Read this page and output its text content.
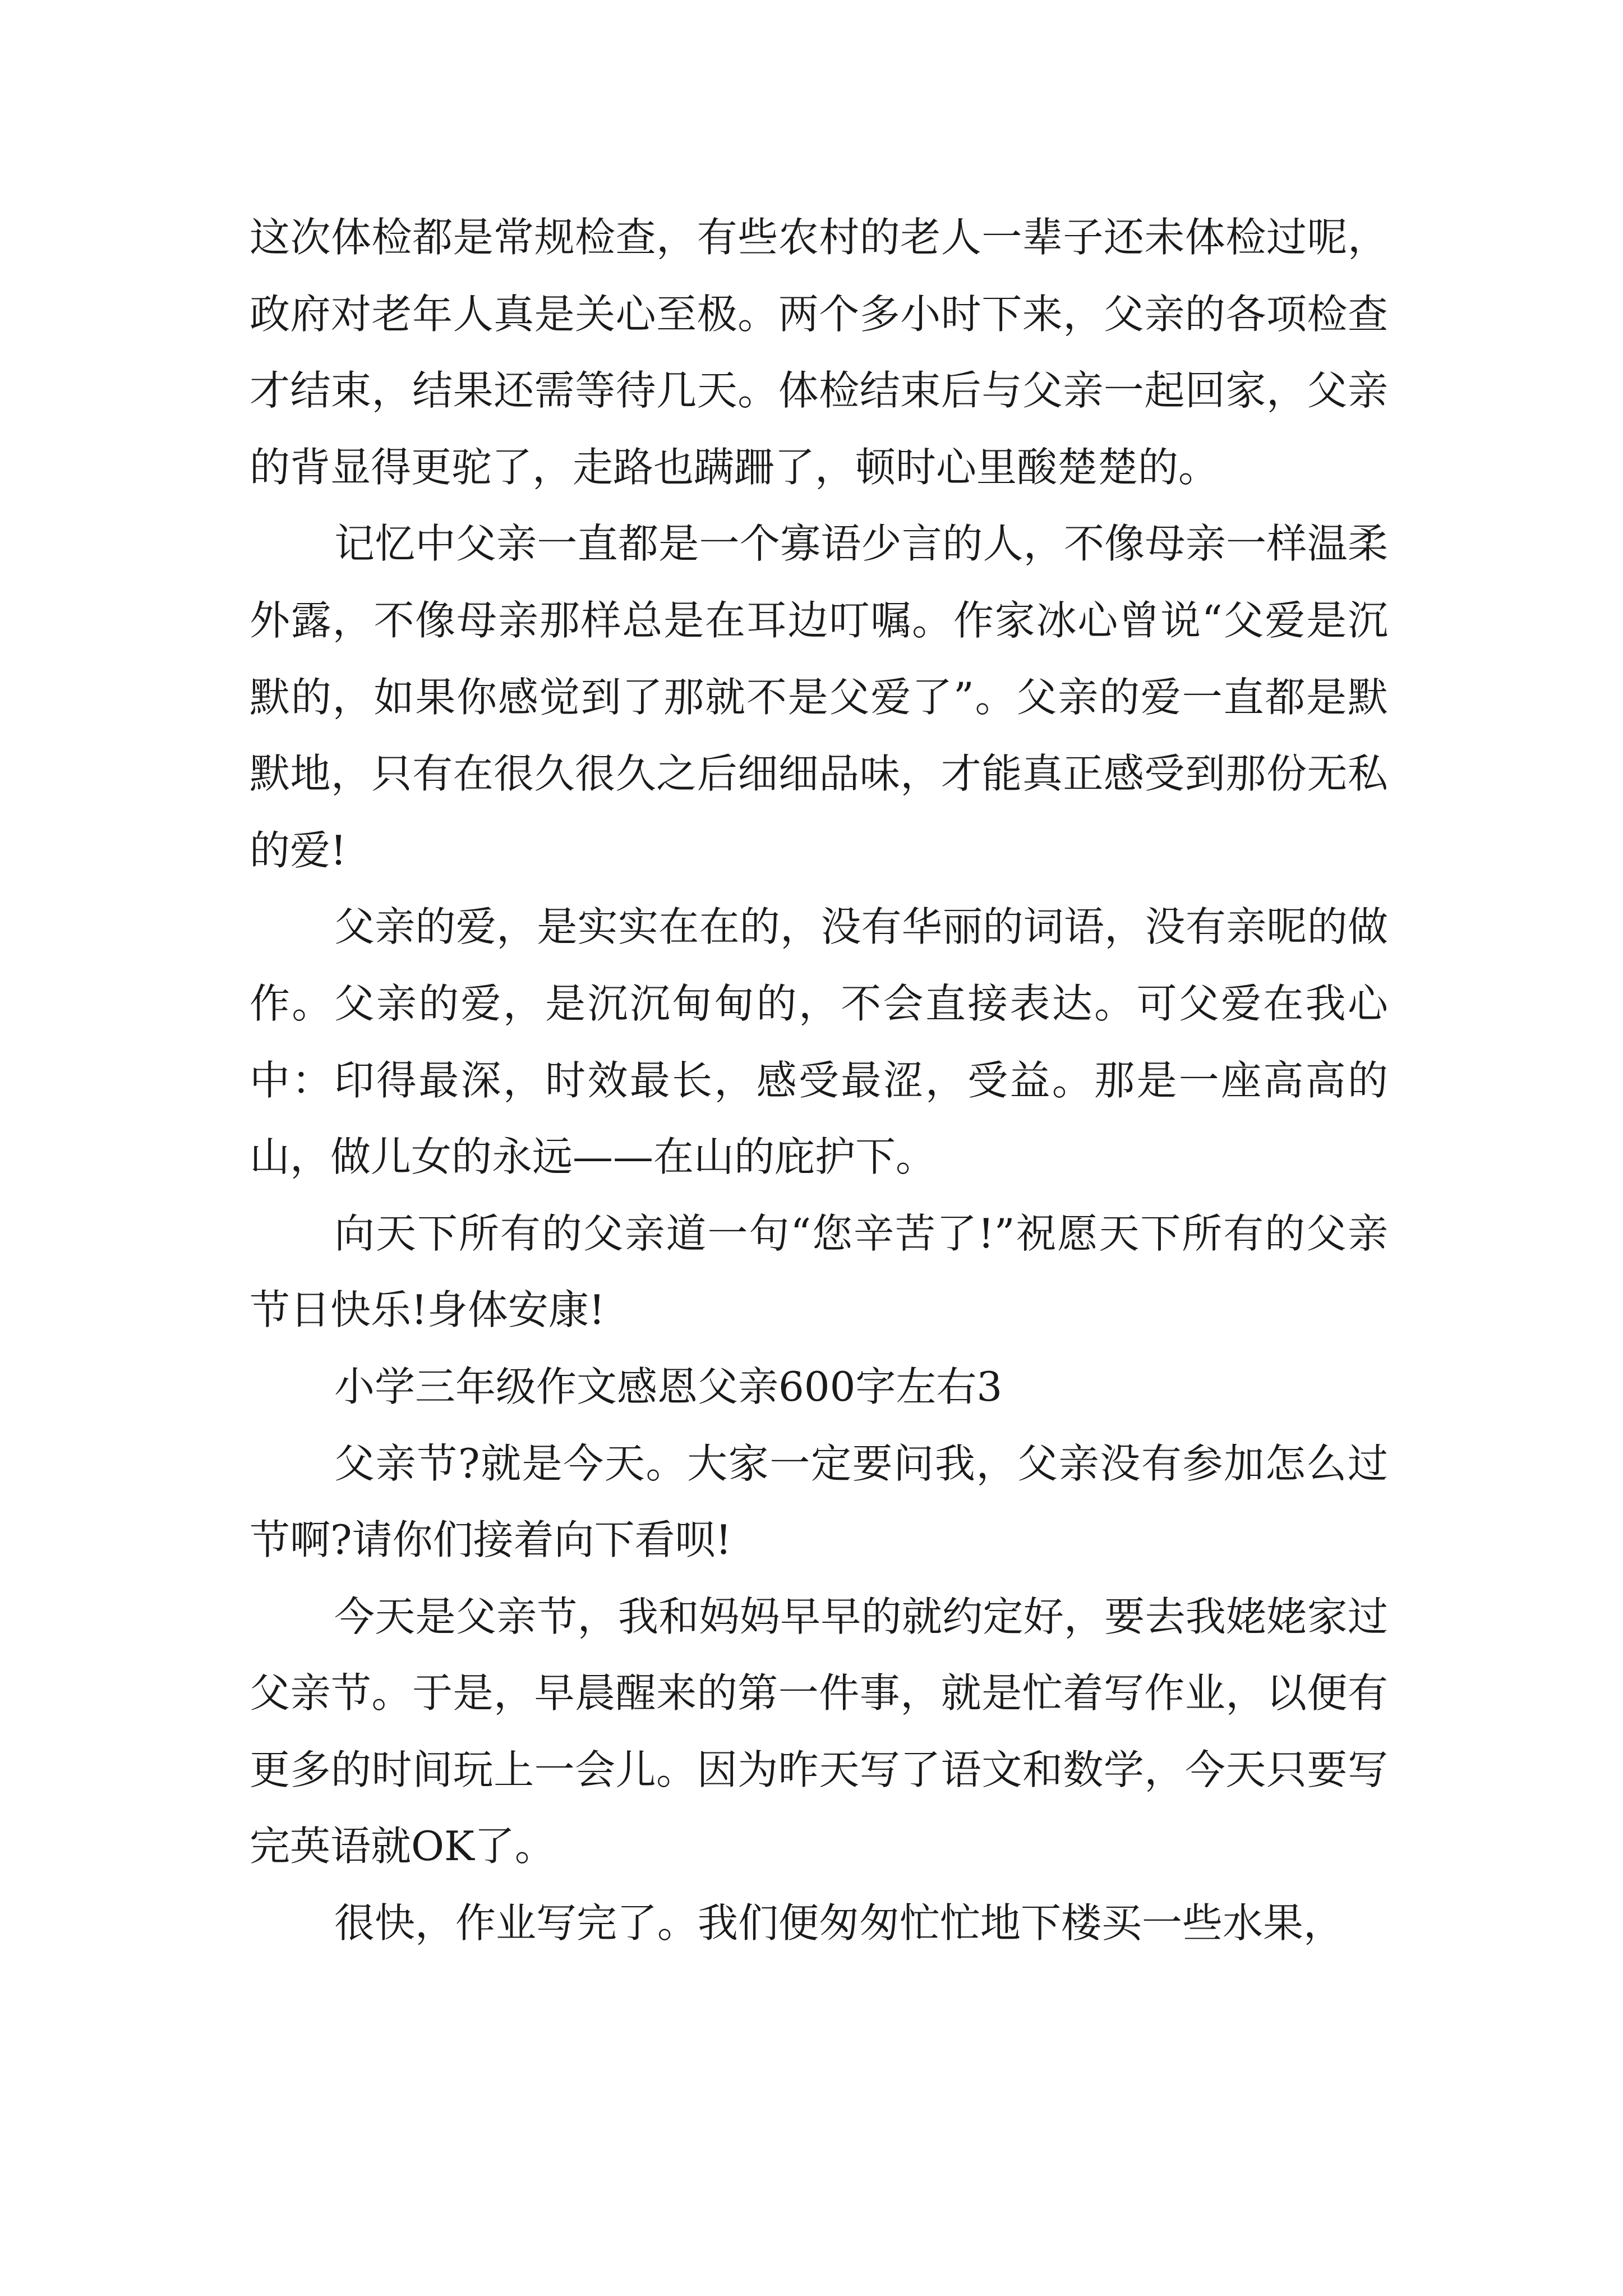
这次体检都是常规检查，有些农村的老人一辈子还未体检过呢，政府对老年人真是关心至极。两个多小时下来，父亲的各项检查才结束，结果还需等待几天。体检结束后与父亲一起回家，父亲的背显得更驼了，走路也蹒跚了，顿时心里酸楚楚的。

记忆中父亲一直都是一个寡语少言的人，不像母亲一样温柔外露，不像母亲那样总是在耳边叮嘱。作家冰心曾说“父爱是沉默的，如果你感觉到了那就不是父爱了”。父亲的爱一直都是默默地，只有在很久很久之后细细品味，才能真正感受到那份无私的爱!

父亲的爱，是实实在在的，没有华丽的词语，没有亲昵的做作。父亲的爱，是沉沉甸甸的，不会直接表达。可父爱在我心中：印得最深，时效最长，感受最涩，受益。那是一座高高的山，做儿女的永远——在山的庇护下。

向天下所有的父亲道一句“您辛苦了!”祝愿天下所有的父亲节日快乐!身体安康!

小学三年级作文感恩父亲600字左右3

父亲节?就是今天。大家一定要问我，父亲没有参加怎么过节啊?请你们接着向下看呗!

今天是父亲节，我和妈妈早早的就约定好，要去我姥姥家过父亲节。于是，早晨醒来的第一件事，就是忙着写作业，以便有更多的时间玩上一会儿。因为昨天写了语文和数学，今天只要写完英语就OK了。

很快，作业写完了。我们便匆匆忙忙地下楼买一些水果，
